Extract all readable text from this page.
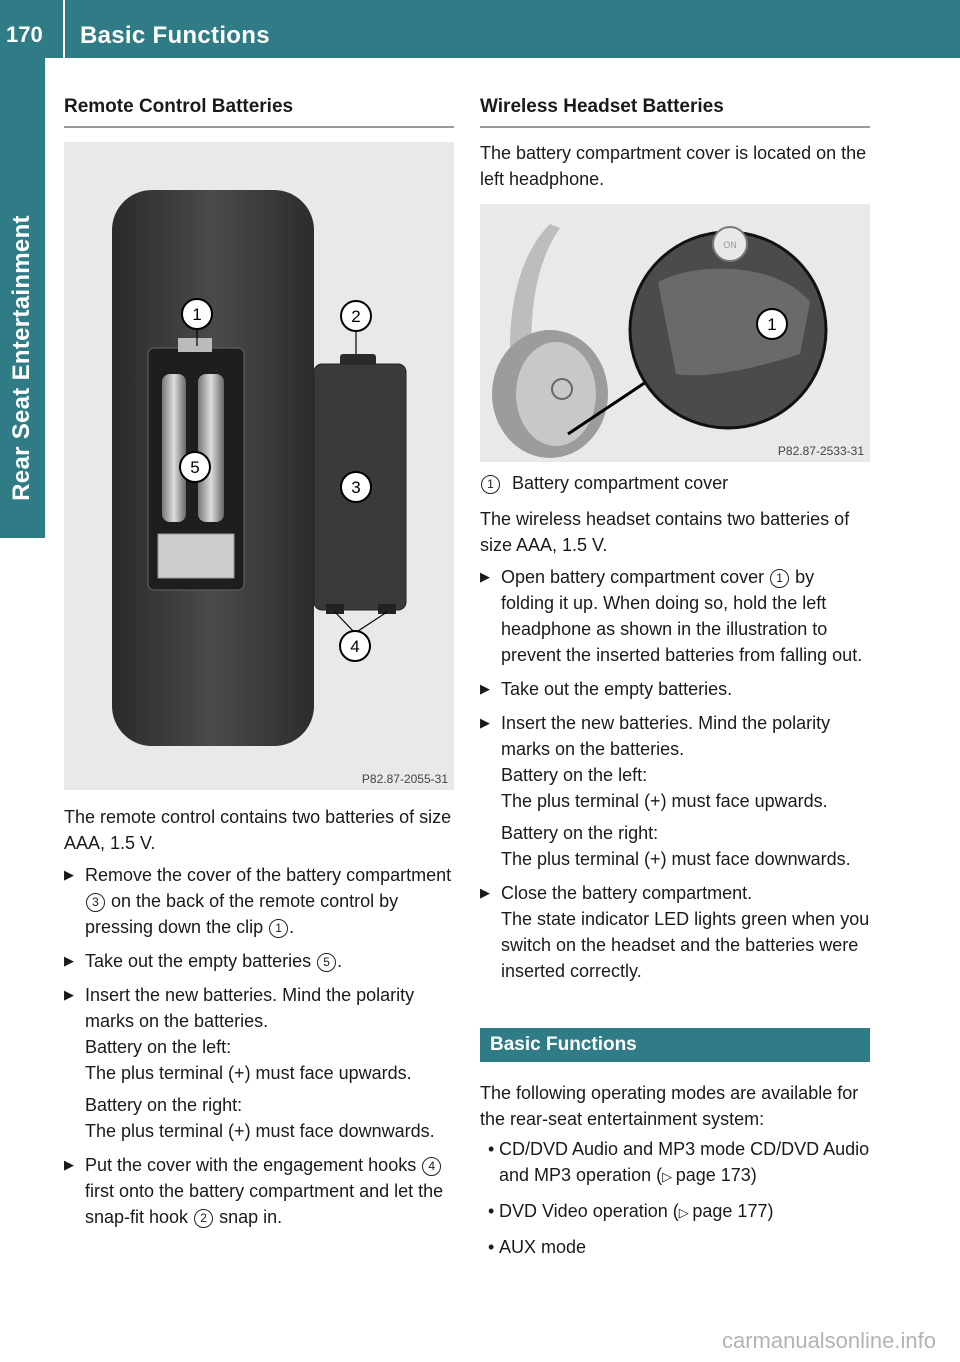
170 Basic Functions
Rear Seat Entertainment
Remote Control Batteries
1	2
3
4
5
P82.87-2055-31

The remote control contains two batteries of size AAA, 1.5 V.

▶ Remove the cover of the battery compartment 3 on the back of the remote control by pressing down the clip 1 .
▶ Take out the empty batteries 5 .
▶ Insert the new batteries. Mind the polarity marks on the batteries.
Battery on the left:
The plus terminal (+) must face upwards.
Battery on the right:
The plus terminal (+) must face downwards.
▶ Put the cover with the engagement hooks 4 first onto the battery compartment and let the snap-fit hook 2 snap in.
Wireless Headset Batteries

The battery compartment cover is located on the left headphone.

ON
1
P82.87-2533-31

1 Battery compartment cover

The wireless headset contains two batteries of size AAA, 1.5 V.

▶ Open battery compartment cover 1 by folding it up. When doing so, hold the left headphone as shown in the illustration to prevent the inserted batteries from falling out.
▶ Take out the empty batteries.
▶ Insert the new batteries. Mind the polarity marks on the batteries.
Battery on the left:
The plus terminal (+) must face upwards.
Battery on the right:
The plus terminal (+) must face downwards.
▶ Close the battery compartment.
The state indicator LED lights green when you switch on the headset and the batteries were inserted correctly.
Basic Functions

The following operating modes are available for the rear-seat entertainment system:

• CD/DVD Audio and MP3 mode CD/DVD Audio and MP3 operation (▷ page 173)
• DVD Video operation (▷ page 177)
• AUX mode
carmanualsonline.info
